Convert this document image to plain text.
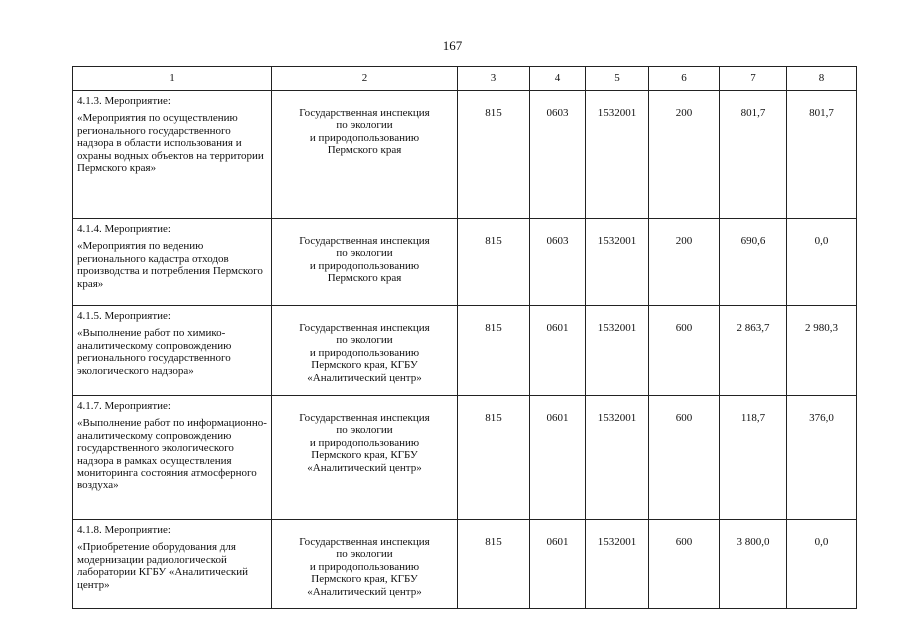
167
1	2	3	4	5	6	7	8

4.1.3. Мероприятие:
«Мероприятия по осуществлению регионального государственного надзора в области использования и охраны водных объектов на территории Пермского края»	Государственная инспекция
по экологии
и природопользованию
Пермского края	815	0603	1532001	200	801,7	801,7

4.1.4. Мероприятие:
«Мероприятия по ведению регионального кадастра отходов производства и потребления Пермского края»	Государственная инспекция
по экологии
и природопользованию
Пермского края	815	0603	1532001	200	690,6	0,0

4.1.5. Мероприятие:
«Выполнение работ по химико-аналитическому сопровождению регионального государственного экологического надзора»	Государственная инспекция
по экологии
и природопользованию
Пермского края, КГБУ
«Аналитический центр»	815	0601	1532001	600	2 863,7	2 980,3

4.1.7. Мероприятие:
«Выполнение работ по информационно-аналитическому сопровождению государственного экологического надзора в рамках осуществления мониторинга состояния атмосферного воздуха»	Государственная инспекция
по экологии
и природопользованию
Пермского края, КГБУ
«Аналитический центр»	815	0601	1532001	600	118,7	376,0

4.1.8. Мероприятие:
«Приобретение оборудования для модернизации радиологической лаборатории КГБУ «Аналитический центр»	Государственная инспекция
по экологии
и природопользованию
Пермского края, КГБУ
«Аналитический центр»	815	0601	1532001	600	3 800,0	0,0
